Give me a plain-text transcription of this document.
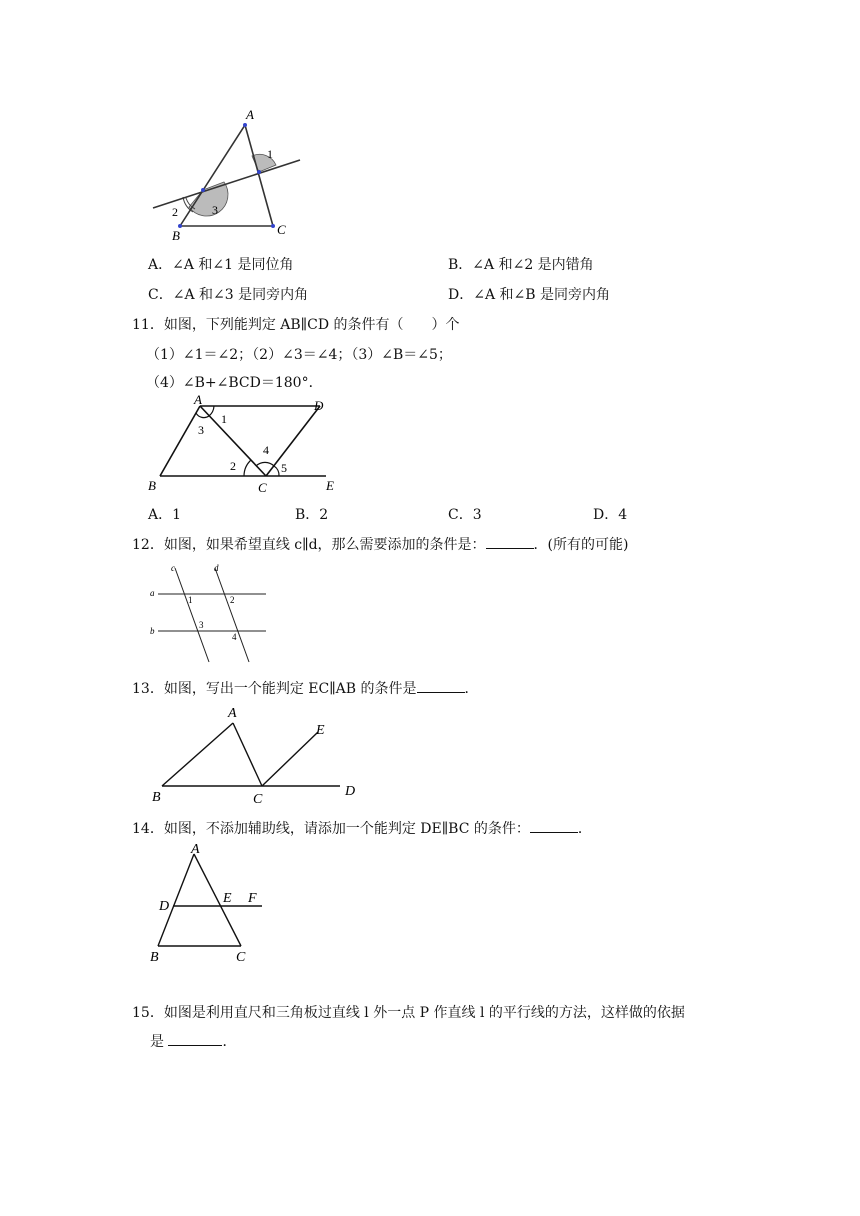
A
B	C
1
2	3
A．∠A 和∠1 是同位角	B．∠A 和∠2 是内错角
C．∠A 和∠3 是同旁内角	D．∠A 和∠B 是同旁内角
11．如图，下列能判定 AB∥CD 的条件有（　　）个
（1）∠1＝∠2；（2）∠3＝∠4；（3）∠B＝∠5；
（4）∠B+∠BCD＝180°．
A	D
B	C	E
1
3
2
4
5
A．1	B．2	C．3	D．4
12．如图，如果希望直线 c∥d，那么需要添加的条件是：	．(所有的可能)
c	d
a
b
1	2
3
4
13．如图，写出一个能判定 EC∥AB 的条件是	．
A
E
B	C
D
14．如图，不添加辅助线，请添加一个能判定 DE∥BC 的条件：	．
A
D
E F
B	C
15．如图是利用直尺和三角板过直线 l 外一点 P 作直线 l 的平行线的方法，这样做的依据
是	．
